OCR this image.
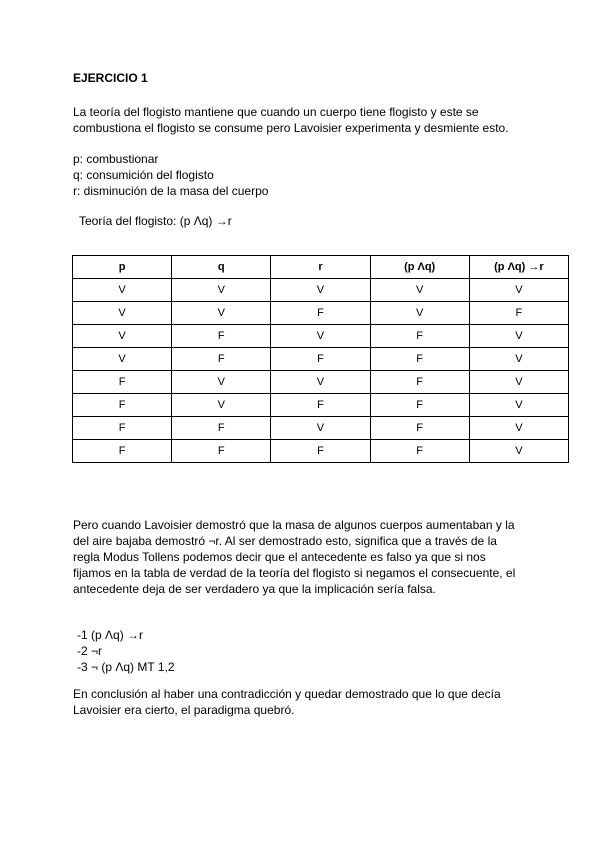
EJERCICIO 1
La teoría del flogisto mantiene que cuando un cuerpo tiene flogisto y este se
combustiona el flogisto se consume pero Lavoisier experimenta y desmiente esto.
p: combustionar
q: consumición del flogisto
r: disminución de la masa del cuerpo
Teoría del flogisto: (p Λq) →r
p	q	r	(p Λq)	(p Λq) →r
V	V	V	V	V
V	V	F	V	F
V	F	V	F	V
V	F	F	F	V
F	V	V	F	V
F	V	F	F	V
F	F	V	F	V
F	F	F	F	V
Pero cuando Lavoisier demostró que la masa de algunos cuerpos aumentaban y la
del aire bajaba demostró ¬r. Al ser demostrado esto, significa que a través de la
regla Modus Tollens podemos decir que el antecedente es falso ya que si nos
fijamos en la tabla de verdad de la teoría del flogisto si negamos el consecuente, el
antecedente deja de ser verdadero ya que la implicación sería falsa.
-1 (p Λq) →r
-2 ¬r
-3 ¬ (p Λq) MT 1,2
En conclusión al haber una contradicción y quedar demostrado que lo que decía
Lavoisier era cierto, el paradigma quebró.
